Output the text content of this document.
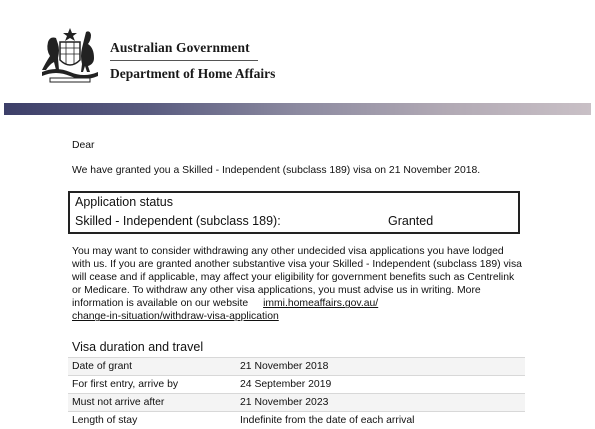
Australian Government
Department of Home Affairs
Dear
We have granted you a Skilled - Independent (subclass 189) visa on 21 November 2018.
Application status
Skilled - Independent (subclass 189):	Granted
You may want to consider withdrawing any other undecided visa applications you have lodged with us. If you are granted another substantive visa your Skilled - Independent (subclass 189) visa will cease and if applicable, may affect your eligibility for government benefits such as Centrelink or Medicare. To withdraw any other visa applications, you must advise us in writing. More information is available on our website immi.homeaffairs.gov.au/
change-in-situation/withdraw-visa-application
Visa duration and travel
Date of grant	21 November 2018
For first entry, arrive by	24 September 2019
Must not arrive after	21 November 2023
Length of stay	Indefinite from the date of each arrival
